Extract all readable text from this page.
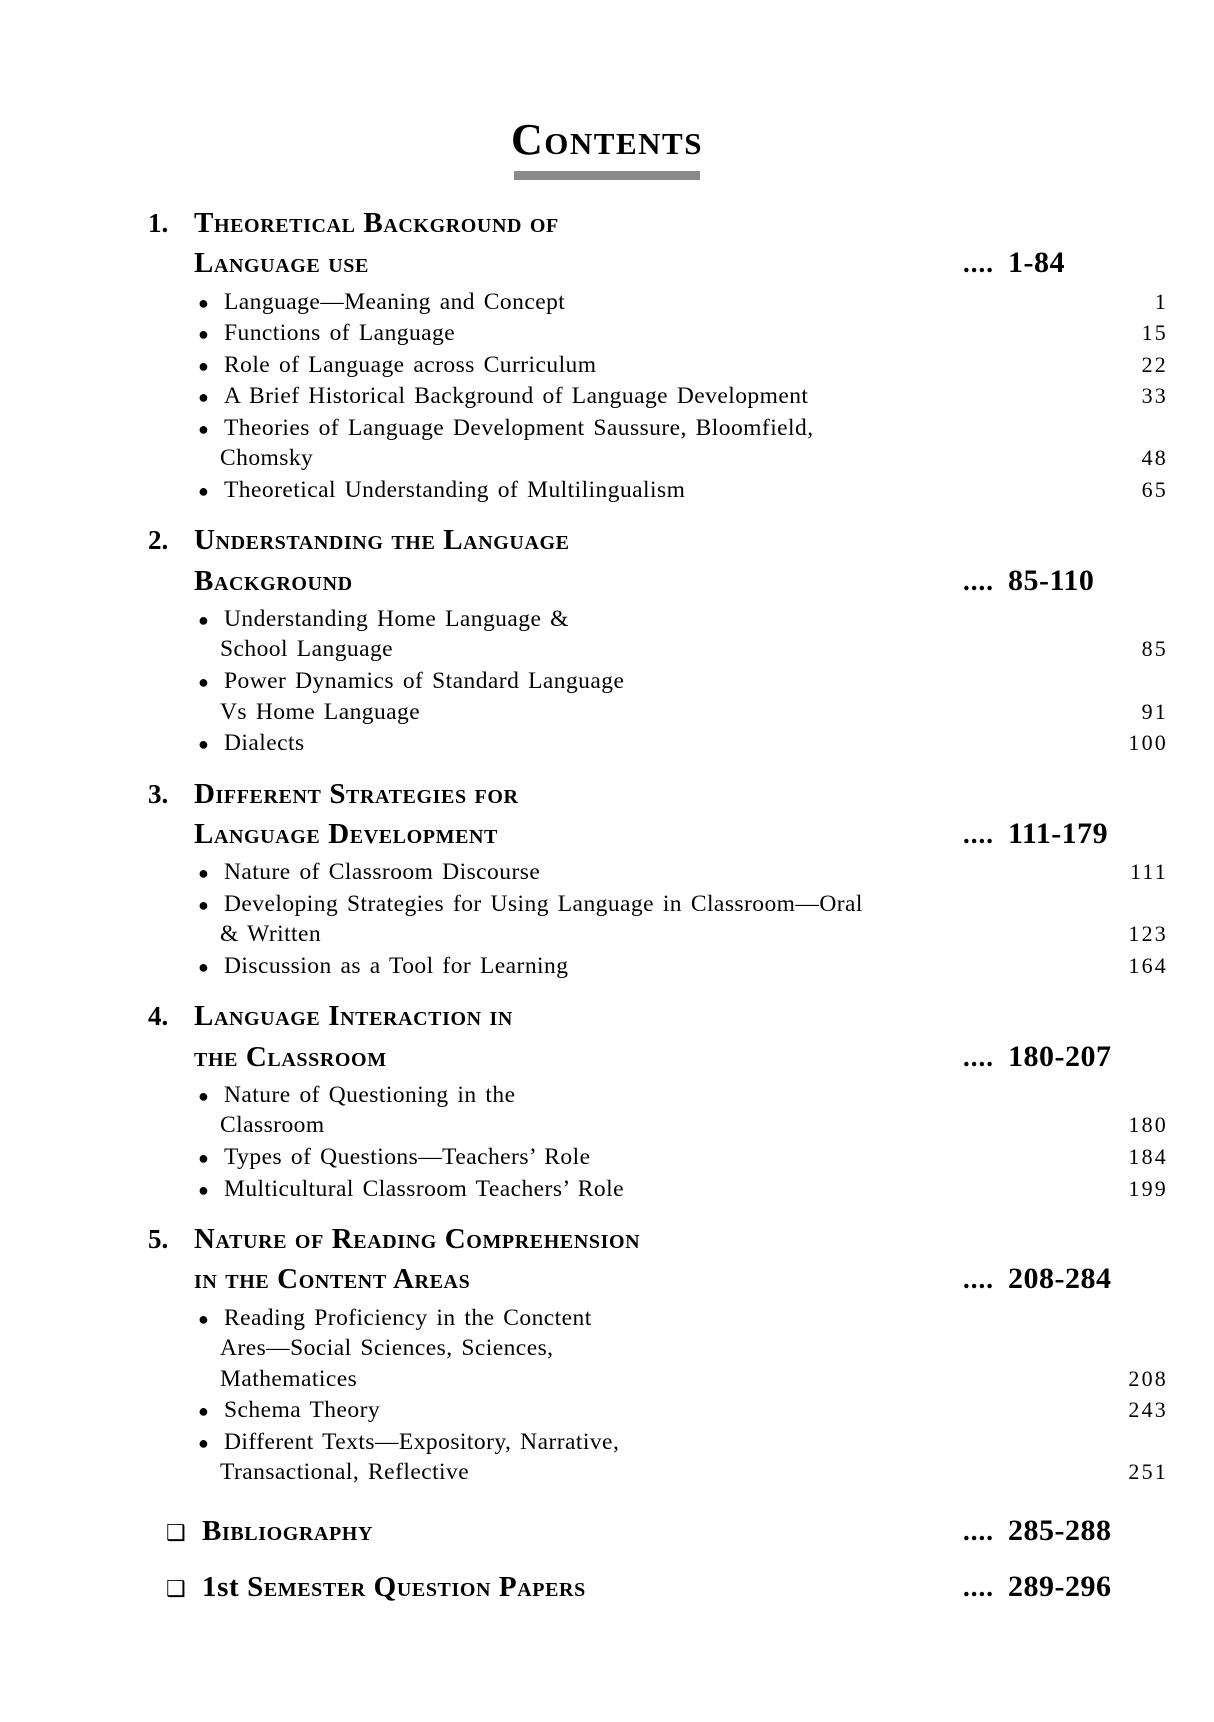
Contents
1. Theoretical Background of
Language use	.... 1-84
● Language—Meaning and Concept	1
● Functions of Language	15
● Role of Language across Curriculum	22
● A Brief Historical Background of Language Development	33
● Theories of Language Development Saussure, Bloomfield,
Chomsky	48
● Theoretical Understanding of Multilingualism	65
2. Understanding the Language
Background	.... 85-110
● Understanding Home Language &
School Language	85
● Power Dynamics of Standard Language
Vs Home Language	91
● Dialects	100
3. Different Strategies for
Language Development	.... 111-179
● Nature of Classroom Discourse	111
● Developing Strategies for Using Language in Classroom—Oral
& Written	123
● Discussion as a Tool for Learning	164
4. Language Interaction in
the Classroom	.... 180-207
● Nature of Questioning in the
Classroom	180
● Types of Questions—Teachers’ Role	184
● Multicultural Classroom Teachers’ Role	199
5. Nature of Reading Comprehension
in the Content Areas	.... 208-284
● Reading Proficiency in the Conctent
Ares—Social Sciences, Sciences,
Mathematices	208
● Schema Theory	243
● Different Texts—Expository, Narrative,
Transactional, Reflective	251
❑ Bibliography	.... 285-288
❑ 1st Semester Question Papers	.... 289-296
